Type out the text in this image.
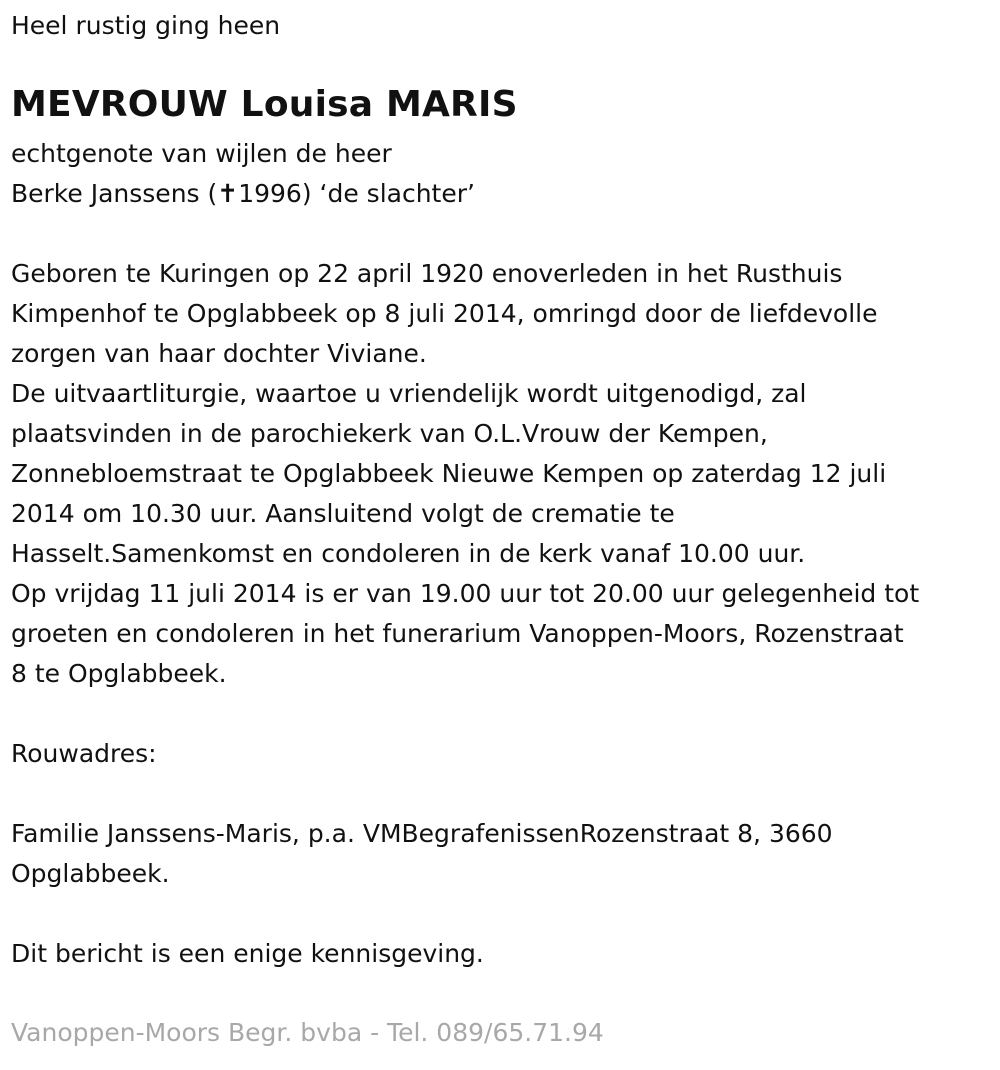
Heel rustig ging heen
MEVROUW Louisa MARIS
echtgenote van wijlen de heer
Berke Janssens (✝1996) ‘de slachter’
Geboren te Kuringen op 22 april 1920 enoverleden in het Rusthuis
Kimpenhof te Opglabbeek op 8 juli 2014, omringd door de liefdevolle
zorgen van haar dochter Viviane.
De uitvaartliturgie, waartoe u vriendelijk wordt uitgenodigd, zal
plaatsvinden in de parochiekerk van O.L.Vrouw der Kempen,
Zonnebloemstraat te Opglabbeek Nieuwe Kempen op zaterdag 12 juli
2014 om 10.30 uur. Aansluitend volgt de crematie te
Hasselt.Samenkomst en condoleren in de kerk vanaf 10.00 uur.
Op vrijdag 11 juli 2014 is er van 19.00 uur tot 20.00 uur gelegenheid tot
groeten en condoleren in het funerarium Vanoppen-Moors, Rozenstraat
8 te Opglabbeek.
Rouwadres:
Familie Janssens-Maris, p.a. VMBegrafenissenRozenstraat 8, 3660
Opglabbeek.
Dit bericht is een enige kennisgeving.
Vanoppen-Moors Begr. bvba - Tel. 089/65.71.94
